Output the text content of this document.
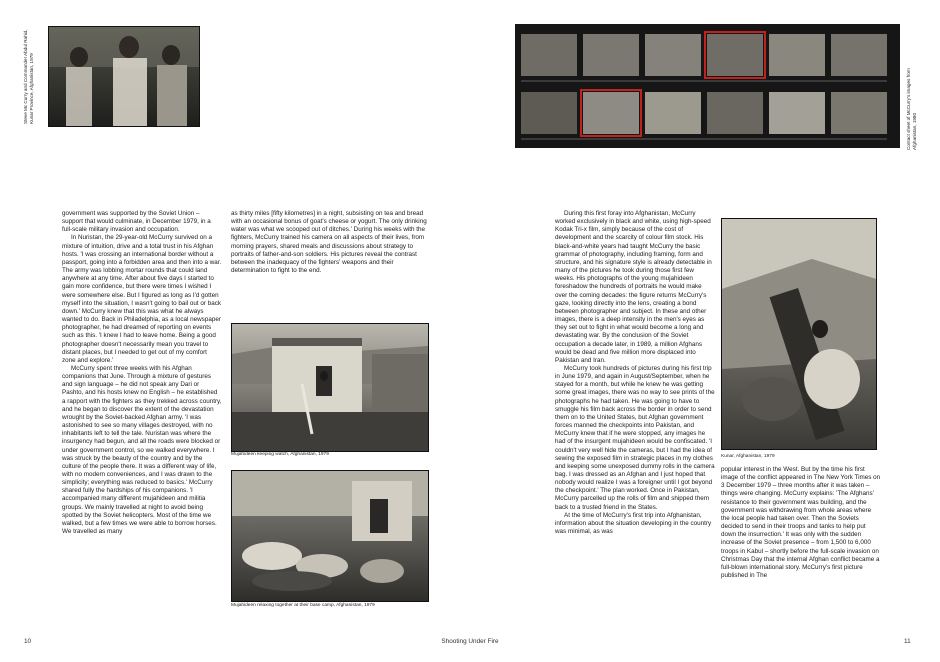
Steve Mc Curry and Commander Abdul Rahid, Kunar Province, Afghanistan, 1979

government was supported by the Soviet Union – support that would culminate, in December 1979, in a full-scale military invasion and occupation.

In Nuristan, the 29-year-old McCurry survived on a mixture of intuition, drive and a total trust in his Afghan hosts. 'I was crossing an international border without a passport, going into a forbidden area and then into a war. The army was lobbing mortar rounds that could land anywhere at any time. After about five days I started to gain more confidence, but there were times I wished I were somewhere else. But I figured as long as I'd gotten myself into the situation, I wasn't going to bail out or back down.' McCurry knew that this was what he always wanted to do. Back in Philadelphia, as a local newspaper photographer, he had dreamed of reporting on events such as this. 'I knew I had to leave home. Being a good photographer doesn't necessarily mean you travel to distant places, but I needed to get out of my comfort zone and explore.'

McCurry spent three weeks with his Afghan companions that June. Through a mixture of gestures and sign language – he did not speak any Dari or Pashto, and his hosts knew no English – he established a rapport with the fighters as they trekked across country, and he began to discover the extent of the devastation wrought by the Soviet-backed Afghan army. 'I was astonished to see so many villages destroyed, with no inhabitants left to tell the tale. Nuristan was where the insurgency had begun, and all the roads were blocked or under government control, so we walked everywhere. I was struck by the beauty of the country and by the culture of the people there. It was a different way of life, with no modern conveniences, and I was drawn to the simplicity; everything was reduced to basics.' McCurry shared fully the hardships of his companions. 'I accompanied many different mujahideen and militia groups. We mainly travelled at night to avoid being spotted by the Soviet helicopters. Most of the time we walked, but a few times we were able to borrow horses. We travelled as many

as thirty miles [fifty kilometres] in a night, subsisting on tea and bread with an occasional bonus of goat's cheese or yogurt. The only drinking water was what we scooped out of ditches.' During his weeks with the fighters, McCurry trained his camera on all aspects of their lives, from morning prayers, shared meals and discussions about strategy to portraits of father-and-son soldiers. His pictures reveal the contrast between the inadequacy of the fighters' weapons and their determination to fight to the end.

Mujahideen keeping watch, Afghanistan, 1979
Mujahideen relaxing together at their base camp, Afghanistan, 1979
Contact sheet of McCurry's images from Afghanistan, 1980

During this first foray into Afghanistan, McCurry worked exclusively in black and white, using high-speed Kodak Tri-x film, simply because of the cost of development and the scarcity of colour film stock. His black-and-white years had taught McCurry the basic grammar of photography, including framing, form and structure, and his signature style is already detectable in many of the pictures he took during those first few weeks. His photographs of the young mujahideen foreshadow the hundreds of portraits he would make over the coming decades: the figure returns McCurry's gaze, looking directly into the lens, creating a bond between photographer and subject. In these and other images, there is a deep intensity in the men's eyes as they set out to fight in what would become a long and devastating war. By the conclusion of the Soviet occupation a decade later, in 1989, a million Afghans would be dead and five million more displaced into Pakistan and Iran.

McCurry took hundreds of pictures during his first trip in June 1979, and again in August/September, when he stayed for a month, but while he knew he was getting some great images, there was no way to see prints of the photographs he had taken. He was going to have to smuggle his film back across the border in order to send them on to the United States, but Afghan government forces manned the checkpoints into Pakistan, and McCurry knew that if he were stopped, any images he had of the insurgent mujahideen would be confiscated. 'I couldn't very well hide the cameras, but I had the idea of sewing the exposed film in strategic places in my clothes and keeping some unexposed dummy rolls in the camera bag. I was dressed as an Afghan and I just hoped that nobody would realize I was a foreigner until I got beyond the checkpoint.' The plan worked. Once in Pakistan, McCurry parcelled up the rolls of film and shipped them back to a trusted friend in the States.

At the time of McCurry's first trip into Afghanistan, information about the situation developing in the country was minimal, as was

Kunar, Afghanistan, 1979

popular interest in the West. But by the time his first image of the conflict appeared in The New York Times on 3 December 1979 – three months after it was taken – things were changing. McCurry explains: 'The Afghans' resistance to their government was building, and the government was withdrawing from whole areas where the local people had taken over. Then the Soviets decided to send in their troops and tanks to help put down the insurrection.' It was only with the sudden increase of the Soviet presence – from 1,500 to 6,000 troops in Kabul – shortly before the full-scale invasion on Christmas Day that the internal Afghan conflict became a full-blown international story. McCurry's first picture published in The

10	Shooting Under Fire	11
